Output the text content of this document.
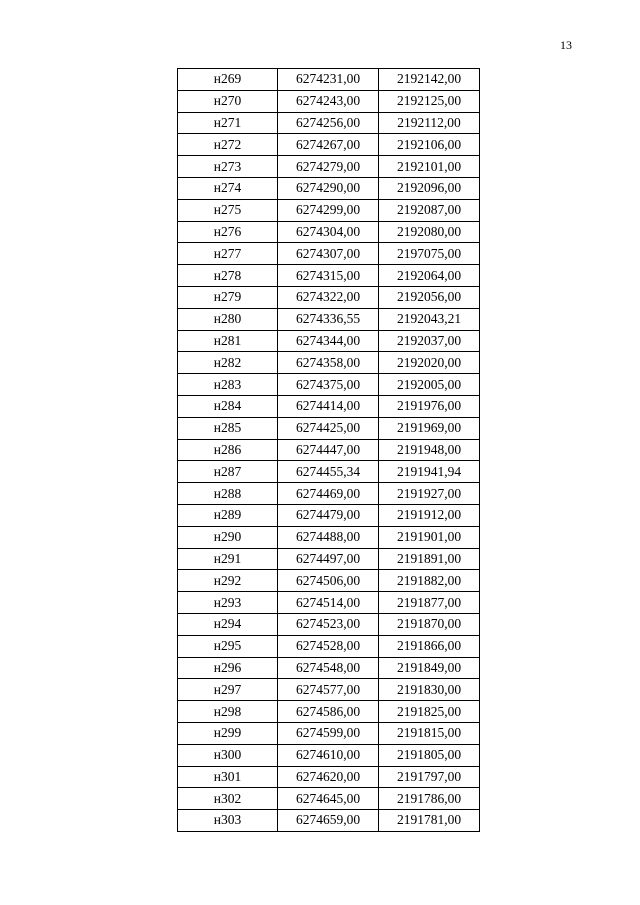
13
н269	6274231,00	2192142,00
н270	6274243,00	2192125,00
н271	6274256,00	2192112,00
н272	6274267,00	2192106,00
н273	6274279,00	2192101,00
н274	6274290,00	2192096,00
н275	6274299,00	2192087,00
н276	6274304,00	2192080,00
н277	6274307,00	2197075,00
н278	6274315,00	2192064,00
н279	6274322,00	2192056,00
н280	6274336,55	2192043,21
н281	6274344,00	2192037,00
н282	6274358,00	2192020,00
н283	6274375,00	2192005,00
н284	6274414,00	2191976,00
н285	6274425,00	2191969,00
н286	6274447,00	2191948,00
н287	6274455,34	2191941,94
н288	6274469,00	2191927,00
н289	6274479,00	2191912,00
н290	6274488,00	2191901,00
н291	6274497,00	2191891,00
н292	6274506,00	2191882,00
н293	6274514,00	2191877,00
н294	6274523,00	2191870,00
н295	6274528,00	2191866,00
н296	6274548,00	2191849,00
н297	6274577,00	2191830,00
н298	6274586,00	2191825,00
н299	6274599,00	2191815,00
н300	6274610,00	2191805,00
н301	6274620,00	2191797,00
н302	6274645,00	2191786,00
н303	6274659,00	2191781,00
